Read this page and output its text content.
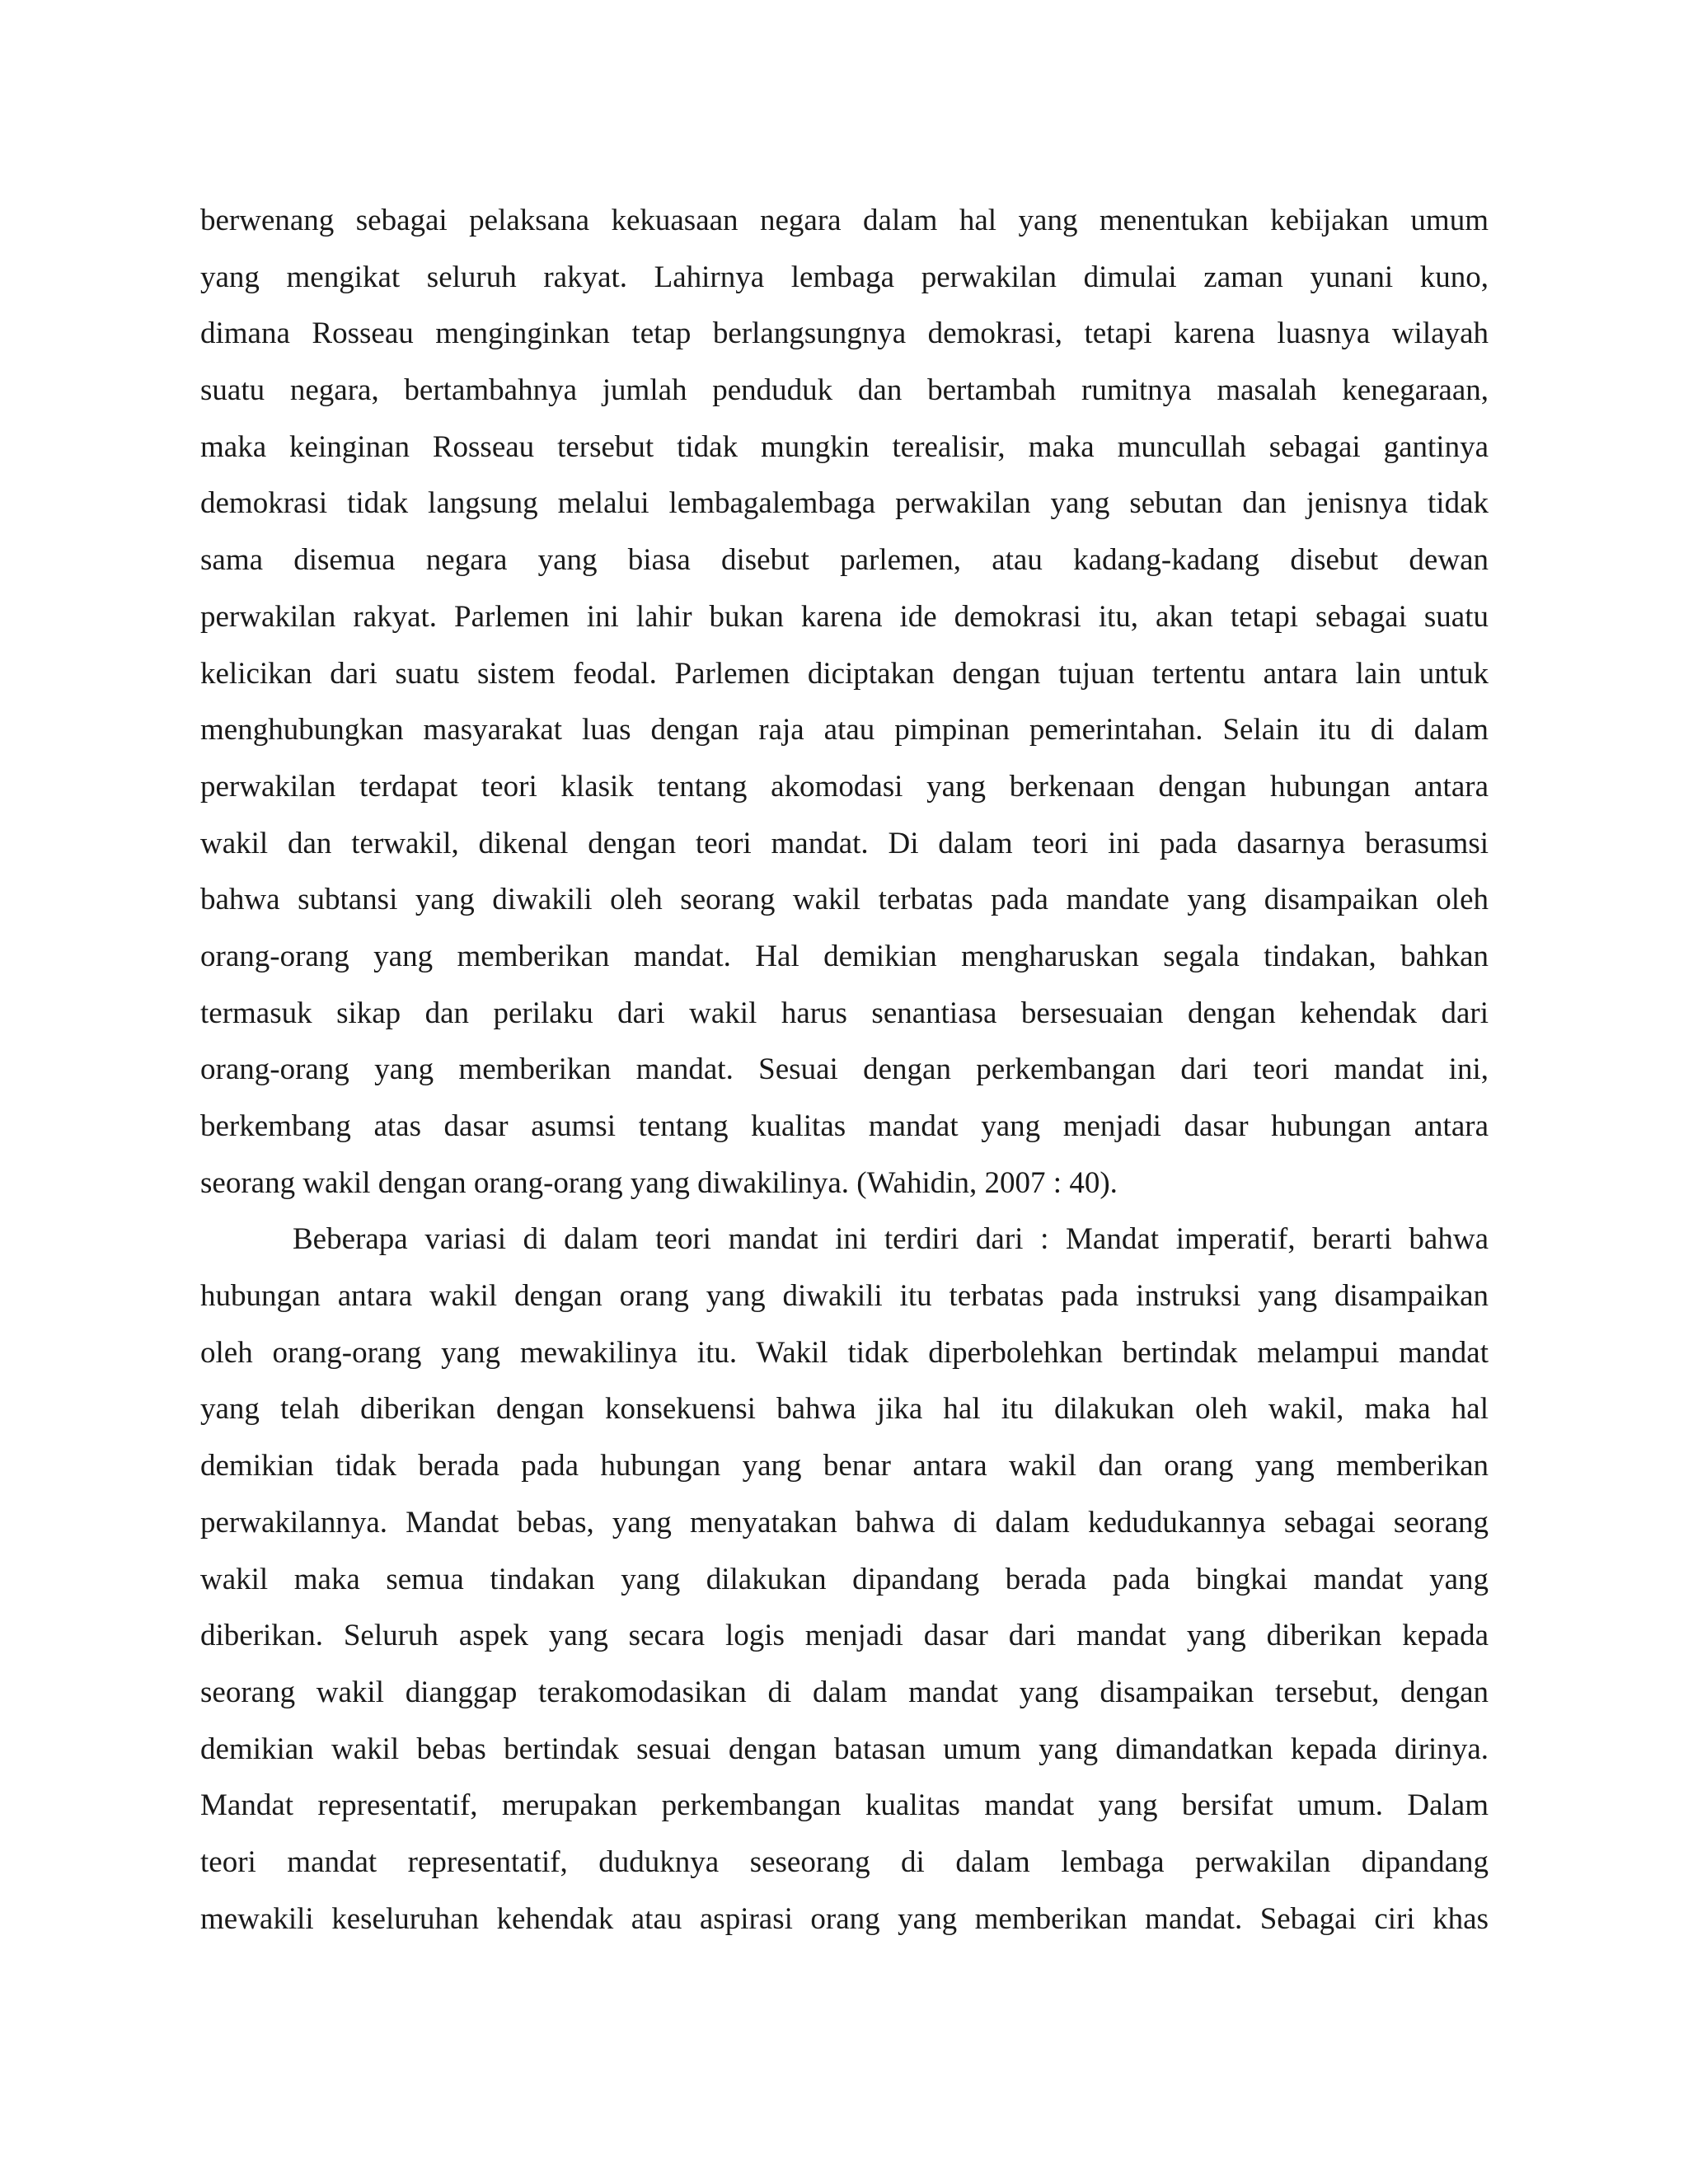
berwenang sebagai pelaksana kekuasaan negara dalam hal yang menentukan kebijakan umum
yang mengikat seluruh rakyat. Lahirnya lembaga perwakilan dimulai zaman yunani kuno,
dimana Rosseau menginginkan tetap berlangsungnya demokrasi, tetapi karena luasnya wilayah
suatu negara, bertambahnya jumlah penduduk dan bertambah rumitnya masalah kenegaraan,
maka keinginan Rosseau tersebut tidak mungkin terealisir, maka muncullah sebagai gantinya
demokrasi tidak langsung melalui lembagalembaga perwakilan yang sebutan dan jenisnya tidak
sama disemua negara yang biasa disebut parlemen, atau kadang-kadang disebut dewan
perwakilan rakyat. Parlemen ini lahir bukan karena ide demokrasi itu, akan tetapi sebagai suatu
kelicikan dari suatu sistem feodal. Parlemen diciptakan dengan tujuan tertentu antara lain untuk
menghubungkan masyarakat luas dengan raja atau pimpinan pemerintahan. Selain itu di dalam
perwakilan terdapat teori klasik tentang akomodasi yang berkenaan dengan hubungan antara
wakil dan terwakil, dikenal dengan teori mandat. Di dalam teori ini pada dasarnya berasumsi
bahwa subtansi yang diwakili oleh seorang wakil terbatas pada mandate yang disampaikan oleh
orang-orang yang memberikan mandat. Hal demikian mengharuskan segala tindakan, bahkan
termasuk sikap dan perilaku dari wakil harus senantiasa bersesuaian dengan kehendak dari
orang-orang yang memberikan mandat. Sesuai dengan perkembangan dari teori mandat ini,
berkembang atas dasar asumsi tentang kualitas mandat yang menjadi dasar hubungan antara
seorang wakil dengan orang-orang yang diwakilinya. (Wahidin, 2007 : 40).
Beberapa variasi di dalam teori mandat ini terdiri dari : Mandat imperatif, berarti bahwa
hubungan antara wakil dengan orang yang diwakili itu terbatas pada instruksi yang disampaikan
oleh orang-orang yang mewakilinya itu. Wakil tidak diperbolehkan bertindak melampui mandat
yang telah diberikan dengan konsekuensi bahwa jika hal itu dilakukan oleh wakil, maka hal
demikian tidak berada pada hubungan yang benar antara wakil dan orang yang memberikan
perwakilannya. Mandat bebas, yang menyatakan bahwa di dalam kedudukannya sebagai seorang
wakil maka semua tindakan yang dilakukan dipandang berada pada bingkai mandat yang
diberikan. Seluruh aspek yang secara logis menjadi dasar dari mandat yang diberikan kepada
seorang wakil dianggap terakomodasikan di dalam mandat yang disampaikan tersebut, dengan
demikian wakil bebas bertindak sesuai dengan batasan umum yang dimandatkan kepada dirinya.
Mandat representatif, merupakan perkembangan kualitas mandat yang bersifat umum. Dalam
teori mandat representatif, duduknya seseorang di dalam lembaga perwakilan dipandang
mewakili keseluruhan kehendak atau aspirasi orang yang memberikan mandat. Sebagai ciri khas
